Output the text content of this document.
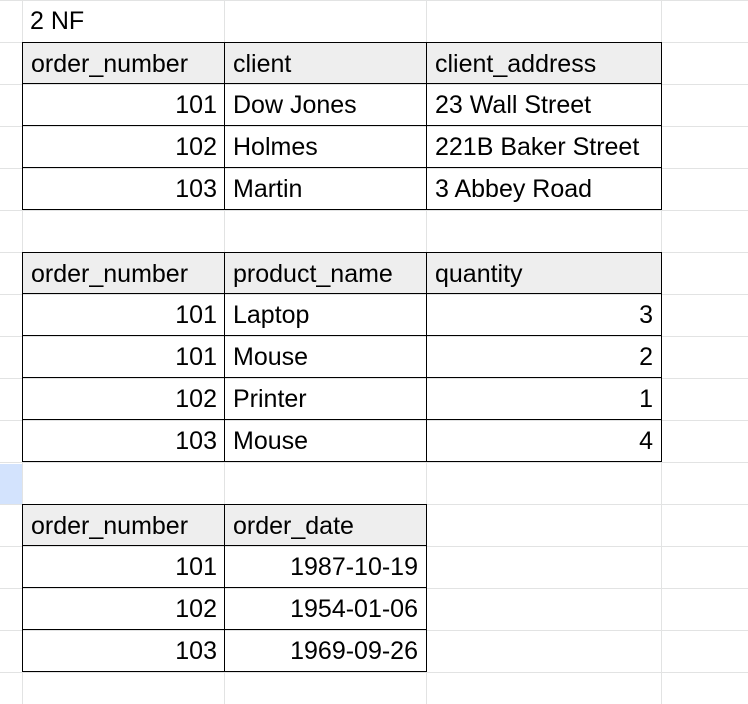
2 NF
order_number	client	client_address
101 Dow Jones	23 Wall Street
102 Holmes	221B Baker Street
103 Martin	3 Abbey Road
order_number	product_name	quantity
101 Laptop	3
101 Mouse	2
102 Printer	1
103 Mouse	4
order_number	order_date
101	1987-10-19
102	1954-01-06
103	1969-09-26
